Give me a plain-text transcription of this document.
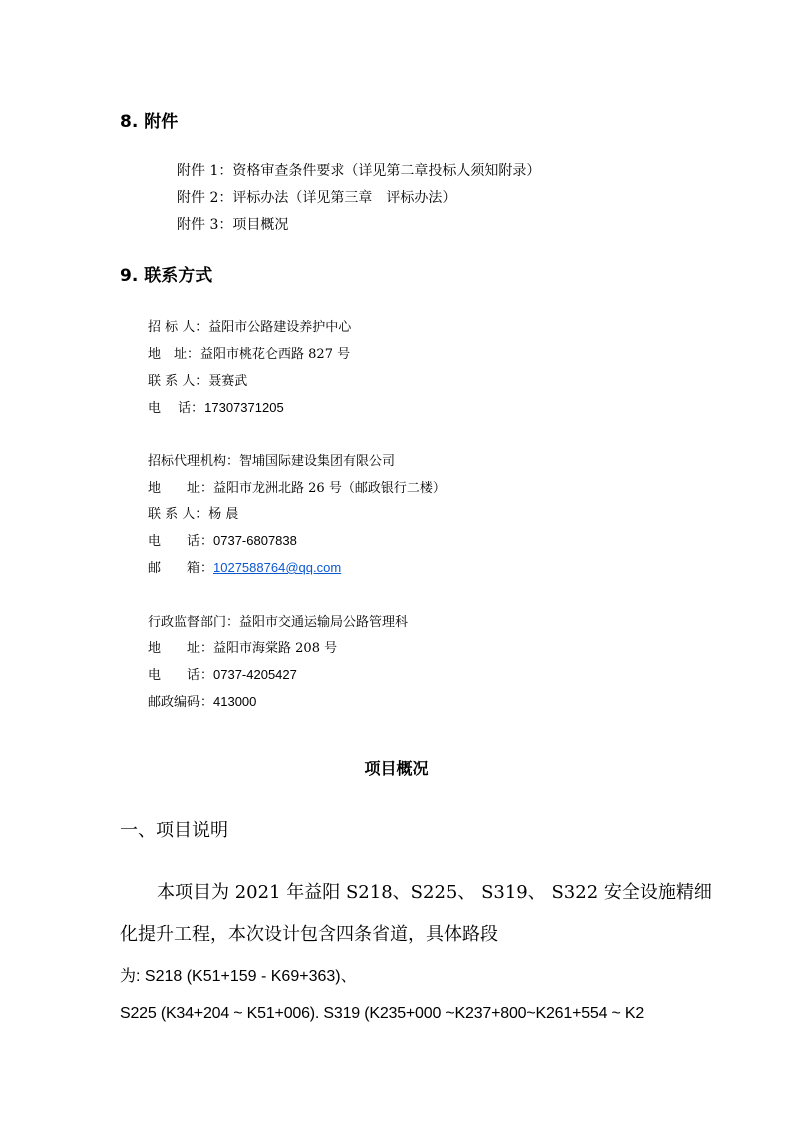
8. 附件
附件 1：资格审查条件要求（详见第二章投标人须知附录）
附件 2：评标办法（详见第三章　评标办法）
附件 3：项目概况
9. 联系方式
招 标 人：益阳市公路建设养护中心
地　址：益阳市桃花仑西路 827 号
联 系 人：聂赛武
电　 话：17307371205
招标代理机构：智埔国际建设集团有限公司
地　　址：益阳市龙洲北路 26 号（邮政银行二楼）
联 系 人：杨 晨
电　　话：0737-6807838
邮　　箱：1027588764@qq.com
行政监督部门：益阳市交通运输局公路管理科
地　　址：益阳市海棠路 208 号
电　　话：0737-4205427
邮政编码：413000
项目概况
一、项目说明
本项目为 2021 年益阳 S218、S225、 S319、 S322 安全设施精细
化提升工程，本次设计包含四条省道，具体路段
为: S218 (K51+159 - K69+363)、
S225 (K34+204 ~ K51+006). S319 (K235+000 ~K237+800~K261+554 ~ K2
